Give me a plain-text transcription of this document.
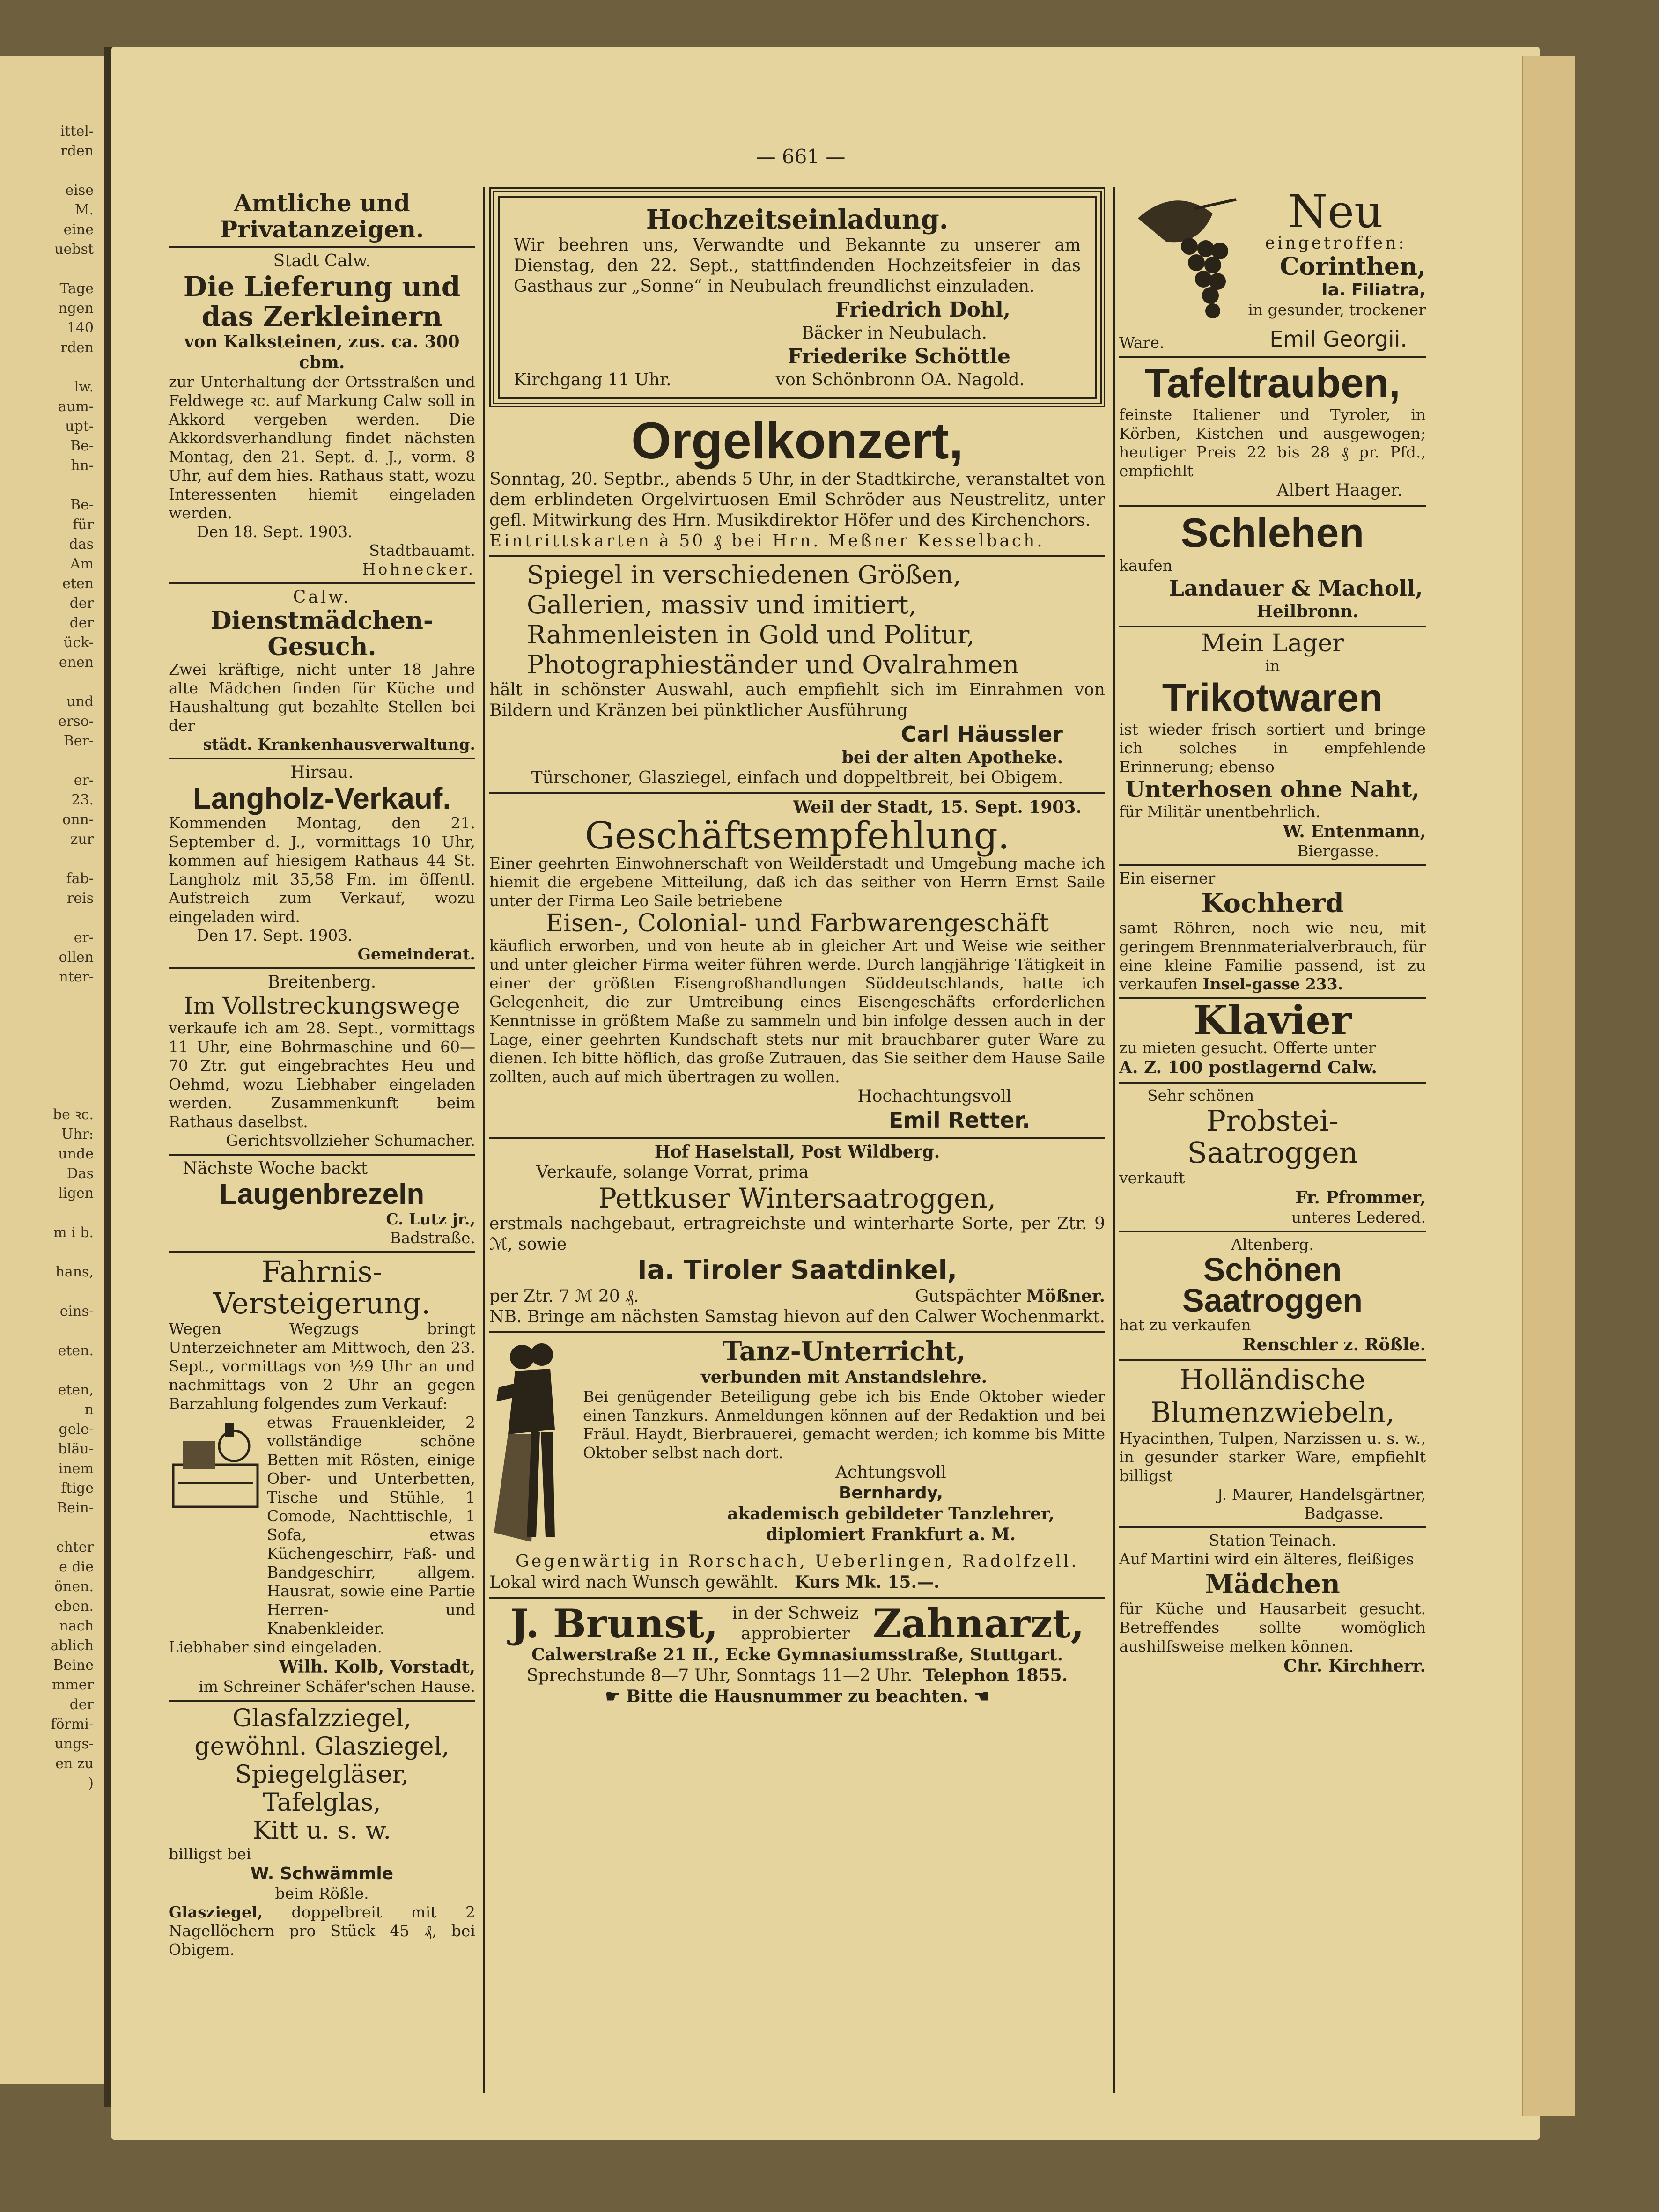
ittel-
rden

eise
M.
eine
uebst

Tage
ngen
140
rden

lw.
aum-
upt-
Be-
hn-

Be-
für
das
Am
eten
der
der
ück-
enen

und
erso-
Ber-

er-
23.
onn-
zur

fab-
reis

er-
ollen
nter-

be ꝛc.
Uhr:
unde
Das
ligen

m i b.

hans,

eins-

eten.

eten,
n
gele-
bläu-
inem
ftige
Bein-

chter
e die
önen.
eben.
nach
ablich
Beine
mmer
der
förmi-
ungs-
en zu
)
— 661 —
Amtliche und Privatanzeigen.
Stadt Calw.
Die Lieferung und das Zerkleinern
von Kalksteinen, zus. ca. 300 cbm.
zur Unterhaltung der Ortsstraßen und Feldwege ꝛc. auf Markung Calw soll in Akkord vergeben werden. Die Akkordsverhandlung findet nächsten Montag, den 21. Sept. d. J., vorm. 8 Uhr, auf dem hies. Rathaus statt, wozu Interessenten hiemit eingeladen werden.
Den 18. Sept. 1903.
Stadtbauamt.
Hohnecker.
Calw.
Dienstmädchen-Gesuch.
Zwei kräftige, nicht unter 18 Jahre alte Mädchen finden für Küche und Haushaltung gut bezahlte Stellen bei der
städt. Krankenhausverwaltung.
Hirsau.
Langholz-Verkauf.
Kommenden Montag, den 21. September d. J., vormittags 10 Uhr, kommen auf hiesigem Rathaus 44 St. Langholz mit 35,58 Fm. im öffentl. Aufstreich zum Verkauf, wozu eingeladen wird.
Den 17. Sept. 1903.
Gemeinderat.
Breitenberg.
Im Vollstreckungswege
verkaufe ich am 28. Sept., vormittags 11 Uhr, eine Bohrmaschine und 60—70 Ztr. gut eingebrachtes Heu und Oehmd, wozu Liebhaber eingeladen werden. Zusammenkunft beim Rathaus daselbst.
Gerichtsvollzieher Schumacher.
Nächste Woche backt
Laugenbrezeln
C. Lutz jr.,
Badstraße.
Fahrnis-
Versteigerung.
Wegen Wegzugs bringt Unterzeichneter am Mittwoch, den 23. Sept., vormittags von ½9 Uhr an und nachmittags von 2 Uhr an gegen Barzahlung folgendes zum Verkauf:
etwas Frauenkleider, 2 vollständige schöne Betten mit Rösten, einige Ober- und Unterbetten, Tische und Stühle, 1 Comode, Nachttischle, 1 Sofa, etwas Küchengeschirr, Faß- und Bandgeschirr, allgem. Hausrat, sowie eine Partie Herren- und Knabenkleider.
Liebhaber sind eingeladen.
Wilh. Kolb, Vorstadt,
im Schreiner Schäfer'schen Hause.
Glasfalzziegel,
gewöhnl. Glasziegel,
Spiegelgläser,
Tafelglas,
Kitt u. s. w.
billigst bei
W. Schwämmle
beim Rößle.
Glasziegel, doppelbreit mit 2 Nagellöchern pro Stück 45 ₰, bei Obigem.
Hochzeitseinladung.
Wir beehren uns, Verwandte und Bekannte zu unserer am Dienstag, den 22. Sept., stattfindenden Hochzeitsfeier in das Gasthaus zur „Sonne“ in Neubulach freundlichst einzuladen.
Friedrich Dohl,
Bäcker in Neubulach.
Friederike Schöttle
Kirchgang 11 Uhr.	von Schönbronn OA. Nagold.
Orgelkonzert,
Sonntag, 20. Septbr., abends 5 Uhr, in der Stadtkirche, veranstaltet von dem erblindeten Orgelvirtuosen Emil Schröder aus Neustrelitz, unter gefl. Mitwirkung des Hrn. Musikdirektor Höfer und des Kirchenchors.
Eintrittskarten à 50 ₰ bei Hrn. Meßner Kesselbach.
Spiegel in verschiedenen Größen,
Gallerien, massiv und imitiert,
Rahmenleisten in Gold und Politur,
Photographieständer und Ovalrahmen
hält in schönster Auswahl, auch empfiehlt sich im Einrahmen von Bildern und Kränzen bei pünktlicher Ausführung
Carl Häussler
bei der alten Apotheke.
Türschoner, Glasziegel, einfach und doppeltbreit, bei Obigem.
Weil der Stadt, 15. Sept. 1903.
Geschäftsempfehlung.
Einer geehrten Einwohnerschaft von Weilderstadt und Umgebung mache ich hiemit die ergebene Mitteilung, daß ich das seither von Herrn Ernst Saile unter der Firma Leo Saile betriebene
Eisen-, Colonial- und Farbwarengeschäft
käuflich erworben, und von heute ab in gleicher Art und Weise wie seither und unter gleicher Firma weiter führen werde. Durch langjährige Tätigkeit in einer der größten Eisengroßhandlungen Süddeutschlands, hatte ich Gelegenheit, die zur Umtreibung eines Eisengeschäfts erforderlichen Kenntnisse in größtem Maße zu sammeln und bin infolge dessen auch in der Lage, einer geehrten Kundschaft stets nur mit brauchbarer guter Ware zu dienen. Ich bitte höflich, das große Zutrauen, das Sie seither dem Hause Saile zollten, auch auf mich übertragen zu wollen.
Hochachtungsvoll
Emil Retter.
Hof Haselstall, Post Wildberg.
Verkaufe, solange Vorrat, prima
Pettkuser Wintersaatroggen,
erstmals nachgebaut, ertragreichste und winterharte Sorte, per Ztr. 9 ℳ, sowie
Ia. Tiroler Saatdinkel,
per Ztr. 7 ℳ 20 ₰.	Gutspächter Mößner.
NB. Bringe am nächsten Samstag hievon auf den Calwer Wochenmarkt.
Tanz-Unterricht,
verbunden mit Anstandslehre.
Bei genügender Beteiligung gebe ich bis Ende Oktober wieder einen Tanzkurs. Anmeldungen können auf der Redaktion und bei Fräul. Haydt, Bierbrauerei, gemacht werden; ich komme bis Mitte Oktober selbst nach dort.
Achtungsvoll
Bernhardy,
akademisch gebildeter Tanzlehrer,
diplomiert Frankfurt a. M.
Gegenwärtig in Rorschach, Ueberlingen, Radolfzell.
Lokal wird nach Wunsch gewählt. Kurs Mk. 15.—.
J. Brunst, in der Schweiz
approbierter Zahnarzt,
Calwerstraße 21 II., Ecke Gymnasiumsstraße, Stuttgart.
Sprechstunde 8—7 Uhr, Sonntags 11—2 Uhr. Telephon 1855.
☛ Bitte die Hausnummer zu beachten. ☚
Neu
eingetroffen:
Corinthen,
Ia. Filiatra,
in gesunder, trockener
Ware.	Emil Georgii.
Tafeltrauben,
feinste Italiener und Tyroler, in Körben, Kistchen und ausgewogen; heutiger Preis 22 bis 28 ₰ pr. Pfd., empfiehlt
Albert Haager.
Schlehen
kaufen
Landauer & Macholl,
Heilbronn.
Mein Lager
in
Trikotwaren
ist wieder frisch sortiert und bringe ich solches in empfehlende Erinnerung; ebenso
Unterhosen ohne Naht,
für Militär unentbehrlich.
W. Entenmann,
Biergasse.
Ein eiserner
Kochherd
samt Röhren, noch wie neu, mit geringem Brennmaterialverbrauch, für eine kleine Familie passend, ist zu verkaufen Insel-gasse 233.
Klavier
zu mieten gesucht. Offerte unter
A. Z. 100 postlagernd Calw.
Sehr schönen
Probstei-
Saatroggen
verkauft
Fr. Pfrommer,
unteres Ledered.
Altenberg.
Schönen Saatroggen
hat zu verkaufen
Renschler z. Rößle.
Holländische
Blumenzwiebeln,
Hyacinthen, Tulpen, Narzissen u. s. w., in gesunder starker Ware, empfiehlt billigst
J. Maurer, Handelsgärtner,
Badgasse.
Station Teinach.
Auf Martini wird ein älteres, fleißiges
Mädchen
für Küche und Hausarbeit gesucht. Betreffendes sollte womöglich aushilfsweise melken können.
Chr. Kirchherr.
